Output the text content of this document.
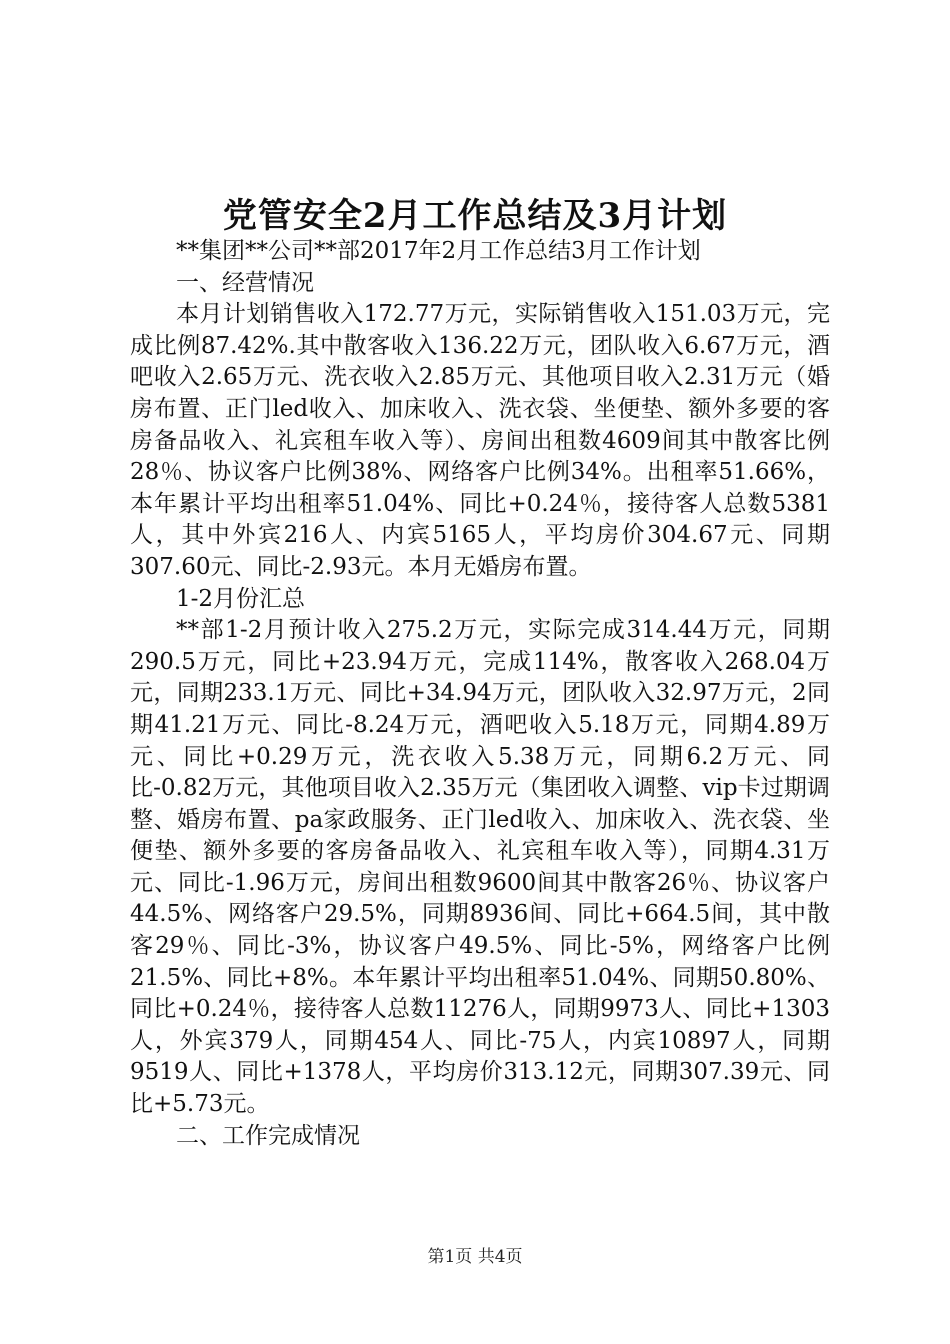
党管安全2月工作总结及3月计划

**集团**公司**部2017年2月工作总结3月工作计划

一、经营情况

本月计划销售收入172.77万元，实际销售收入151.03万元，完成比例87.42%.其中散客收入136.22万元，团队收入6.67万元，酒吧收入2.65万元、洗衣收入2.85万元、其他项目收入2.31万元（婚房布置、正门led收入、加床收入、洗衣袋、坐便垫、额外多要的客房备品收入、礼宾租车收入等）、房间出租数4609间其中散客比例28％、协议客户比例38%、网络客户比例34%。出租率51.66%，本年累计平均出租率51.04%、同比+0.24％，接待客人总数5381人，其中外宾216人、内宾5165人，平均房价304.67元、同期307.60元、同比-2.93元。本月无婚房布置。

1-2月份汇总

**部1-2月预计收入275.2万元，实际完成314.44万元，同期290.5万元，同比+23.94万元，完成114%，散客收入268.04万元，同期233.1万元、同比+34.94万元，团队收入32.97万元，2同期41.21万元、同比-8.24万元，酒吧收入5.18万元，同期4.89万元、同比+0.29万元，洗衣收入5.38万元，同期6.2万元、同比-0.82万元，其他项目收入2.35万元（集团收入调整、vip卡过期调整、婚房布置、pa家政服务、正门led收入、加床收入、洗衣袋、坐便垫、额外多要的客房备品收入、礼宾租车收入等），同期4.31万元、同比-1.96万元，房间出租数9600间其中散客26％、协议客户44.5%、网络客户29.5%，同期8936间、同比+664.5间，其中散客29％、同比-3%，协议客户49.5%、同比-5%，网络客户比例21.5%、同比+8%。本年累计平均出租率51.04%、同期50.80%、同比+0.24％，接待客人总数11276人，同期9973人、同比+1303人，外宾379人，同期454人、同比-75人，内宾10897人，同期9519人、同比+1378人，平均房价313.12元，同期307.39元、同比+5.73元。

二、工作完成情况

第1页 共4页
